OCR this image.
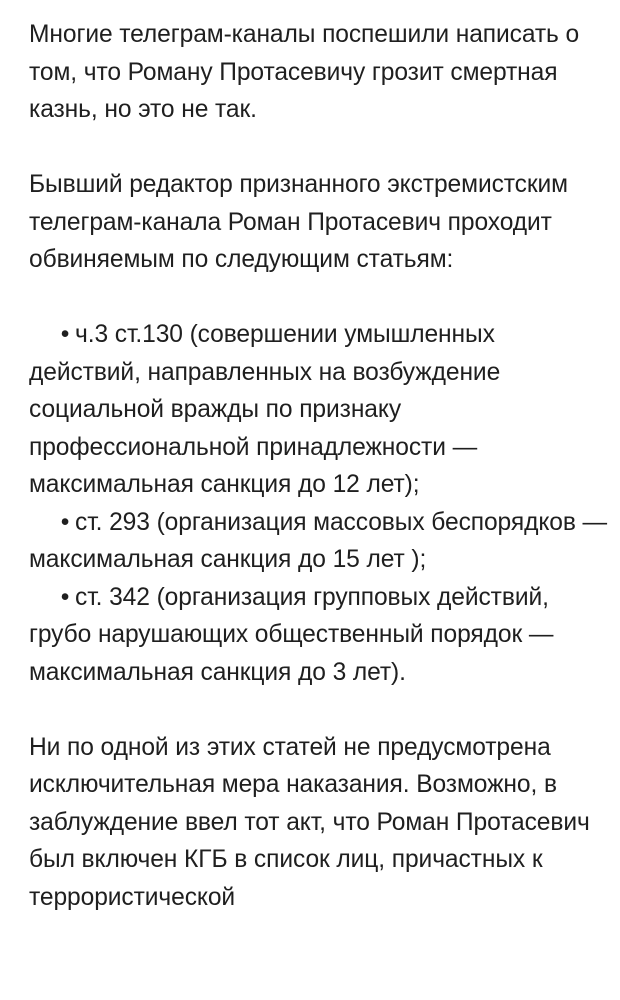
Многие телеграм-каналы поспешили написать о том, что Роману Протасевичу грозит смертная казнь, но это не так.

Бывший редактор признанного экстремистским телеграм-канала Роман Протасевич проходит обвиняемым по следующим статьям:

• ч.3 ст.130 (совершении умышленных действий, направленных на возбуждение социальной вражды по признаку профессиональной принадлежности — максимальная санкция до 12 лет);
• ст. 293 (организация массовых беспорядков — максимальная санкция до 15 лет );
• ст. 342 (организация групповых действий, грубо нарушающих общественный порядок — максимальная санкция до 3 лет).

Ни по одной из этих статей не предусмотрена исключительная мера наказания. Возможно, в заблуждение ввел тот акт, что Роман Протасевич был включен КГБ в список лиц, причастных к террористической
